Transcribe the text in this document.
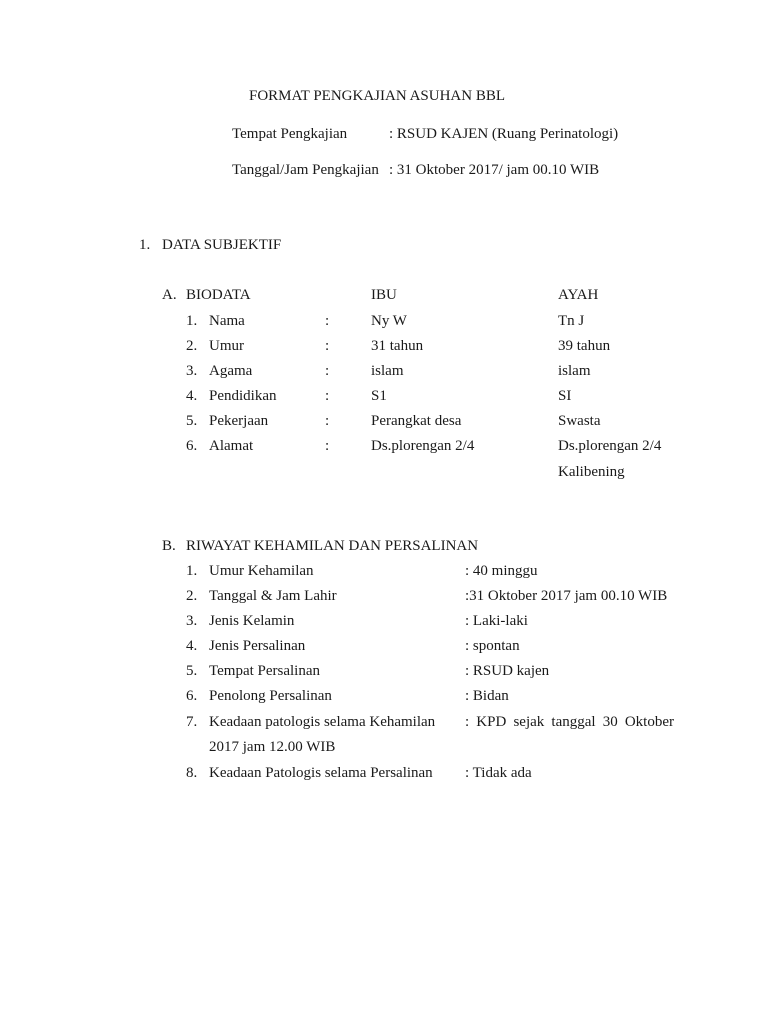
FORMAT PENGKAJIAN ASUHAN BBL
Tempat Pengkajian	: RSUD KAJEN (Ruang Perinatologi)
Tanggal/Jam Pengkajian : 31 Oktober 2017/ jam 00.10 WIB
1. DATA SUBJEKTIF
A. BIODATA	IBU	AYAH
1. Nama	:	Ny W	Tn J
2. Umur	:	31 tahun	39 tahun
3. Agama	:	islam	islam
4. Pendidikan	:	S1	SI
5. Pekerjaan	:	Perangkat desa	Swasta
6. Alamat	:	Ds.plorengan 2/4	Ds.plorengan 2/4
Kalibening
B. RIWAYAT KEHAMILAN DAN PERSALINAN
1. Umur Kehamilan	: 40 minggu
2. Tanggal & Jam Lahir	:31 Oktober 2017 jam 00.10 WIB
3. Jenis Kelamin	: Laki-laki
4. Jenis Persalinan	: spontan
5. Tempat Persalinan	: RSUD kajen
6. Penolong Persalinan	: Bidan
7. Keadaan patologis selama Kehamilan : KPD sejak tanggal 30 Oktober
2017 jam 12.00 WIB
8. Keadaan Patologis selama Persalinan : Tidak ada
